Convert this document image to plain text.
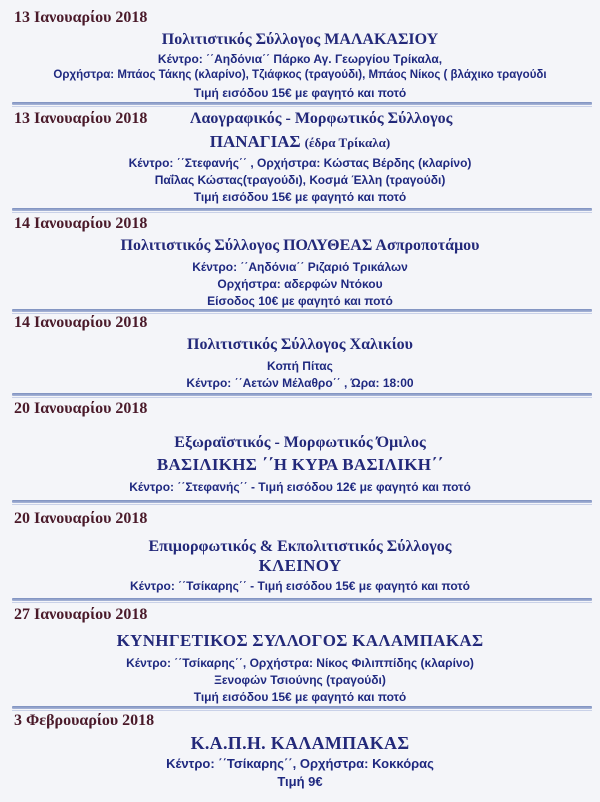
13 Ιανουαρίου 2018
Πολιτιστικός Σύλλογος ΜΑΛΑΚΑΣΙΟΥ
Κέντρο: ΄΄Αηδόνια΄΄ Πάρκο Αγ. Γεωργίου Τρίκαλα,
Ορχήστρα: Μπάος Τάκης (κλαρίνο), Τζιάφκος (τραγούδι), Μπάος Νίκος ( βλάχικο τραγούδι
Τιμή εισόδου 15€ με φαγητό και ποτό
13 Ιανουαρίου 2018	Λαογραφικός - Μορφωτικός Σύλλογος
ΠΑΝΑΓΙΑΣ (έδρα Τρίκαλα)
Κέντρο: ΄΄Στεφανής΄΄ , Ορχήστρα: Κώστας Βέρδης (κλαρίνο)
Παΐλας Κώστας(τραγούδι), Κοσμά Έλλη (τραγούδι)
Τιμή εισόδου 15€ με φαγητό και ποτό
14 Ιανουαρίου 2018
Πολιτιστικός Σύλλογος ΠΟΛΥΘΕΑΣ Ασπροποτάμου
Κέντρο: ΄΄Αηδόνια΄΄ Ριζαριό Τρικάλων
Ορχήστρα: αδερφών Ντόκου
Είσοδος 10€ με φαγητό και ποτό
14 Ιανουαρίου 2018
Πολιτιστικός Σύλλογος Χαλικίου
Κοπή Πίτας
Κέντρο: ΄΄Αετών Μέλαθρο΄΄ , Ώρα: 18:00
20 Ιανουαρίου 2018
Εξωραϊστικός - Μορφωτικός Όμιλος
ΒΑΣΙΛΙΚΗΣ ΄΄Η ΚΥΡΑ ΒΑΣΙΛΙΚΗ΄΄
Κέντρο: ΄΄Στεφανής΄΄ - Τιμή εισόδου 12€ με φαγητό και ποτό
20 Ιανουαρίου 2018
Επιμορφωτικός & Εκπολιτιστικός Σύλλογος
ΚΛΕΙΝΟΥ
Κέντρο: ΄΄Τσίκαρης΄΄ - Τιμή εισόδου 15€ με φαγητό και ποτό
27 Ιανουαρίου 2018
ΚΥΝΗΓΕΤΙΚΟΣ ΣΥΛΛΟΓΟΣ ΚΑΛΑΜΠΑΚΑΣ
Κέντρο: ΄΄Τσίκαρης΄΄, Ορχήστρα: Νίκος Φιλιππίδης (κλαρίνο)
Ξενοφών Τσιούνης (τραγούδι)
Τιμή εισόδου 15€ με φαγητό και ποτό
3 Φεβρουαρίου 2018
Κ.Α.Π.Η. ΚΑΛΑΜΠΑΚΑΣ
Κέντρο: ΄΄Τσίκαρης΄΄, Ορχήστρα: Κοκκόρας
Τιμή 9€
